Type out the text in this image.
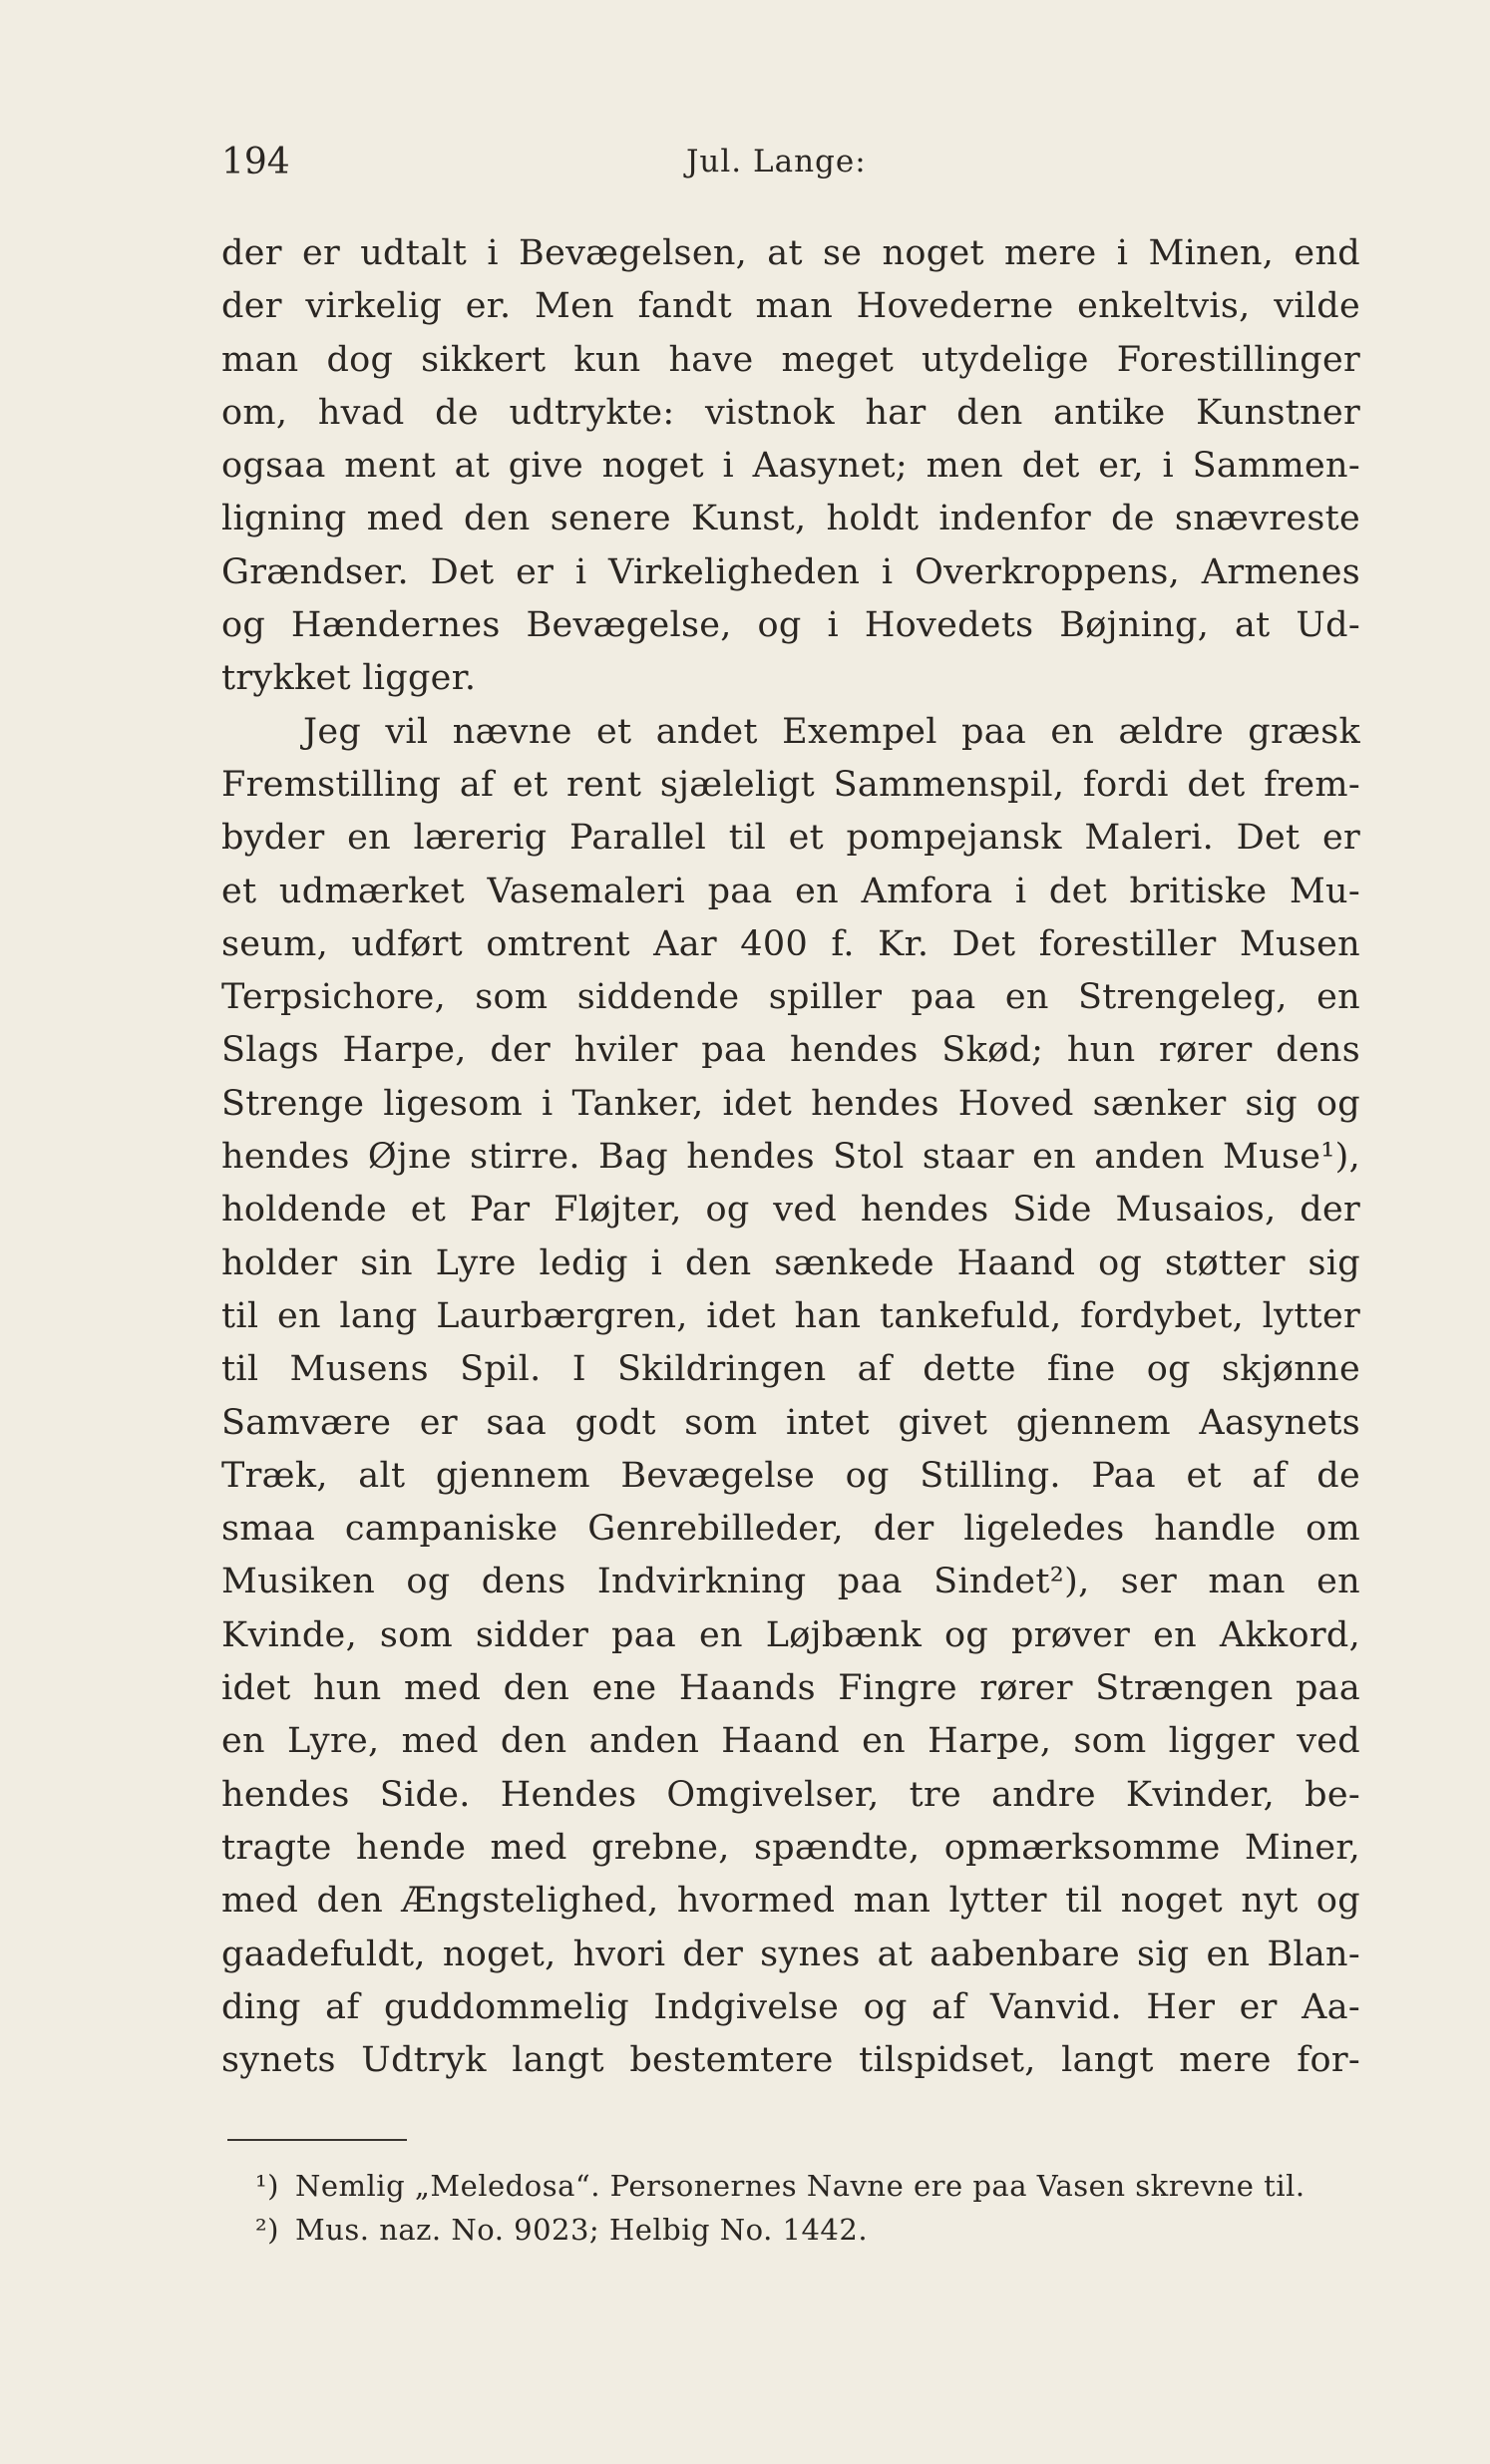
194	Jul. Lange:
der er udtalt i Bevægelsen, at se noget mere i Minen, end
der virkelig er. Men fandt man Hovederne enkeltvis, vilde
man dog sikkert kun have meget utydelige Forestillinger
om, hvad de udtrykte: vistnok har den antike Kunstner
ogsaa ment at give noget i Aasynet; men det er, i Sammen-
ligning med den senere Kunst, holdt indenfor de snævreste
Grændser. Det er i Virkeligheden i Overkroppens, Armenes
og Hændernes Bevægelse, og i Hovedets Bøjning, at Ud-
trykket ligger.
Jeg vil nævne et andet Exempel paa en ældre græsk
Fremstilling af et rent sjæleligt Sammenspil, fordi det frem-
byder en lærerig Parallel til et pompejansk Maleri. Det er
et udmærket Vasemaleri paa en Amfora i det britiske Mu-
seum, udført omtrent Aar 400 f. Kr. Det forestiller Musen
Terpsichore, som siddende spiller paa en Strengeleg, en
Slags Harpe, der hviler paa hendes Skød; hun rører dens
Strenge ligesom i Tanker, idet hendes Hoved sænker sig og
hendes Øjne stirre. Bag hendes Stol staar en anden Muse¹),
holdende et Par Fløjter, og ved hendes Side Musaios, der
holder sin Lyre ledig i den sænkede Haand og støtter sig
til en lang Laurbærgren, idet han tankefuld, fordybet, lytter
til Musens Spil. I Skildringen af dette fine og skjønne
Samvære er saa godt som intet givet gjennem Aasynets
Træk, alt gjennem Bevægelse og Stilling. Paa et af de
smaa campaniske Genrebilleder, der ligeledes handle om
Musiken og dens Indvirkning paa Sindet²), ser man en
Kvinde, som sidder paa en Løjbænk og prøver en Akkord,
idet hun med den ene Haands Fingre rører Strængen paa
en Lyre, med den anden Haand en Harpe, som ligger ved
hendes Side. Hendes Omgivelser, tre andre Kvinder, be-
tragte hende med grebne, spændte, opmærksomme Miner,
med den Ængstelighed, hvormed man lytter til noget nyt og
gaadefuldt, noget, hvori der synes at aabenbare sig en Blan-
ding af guddommelig Indgivelse og af Vanvid. Her er Aa-
synets Udtryk langt bestemtere tilspidset, langt mere for-
¹) Nemlig „Meledosa“. Personernes Navne ere paa Vasen skrevne til.
²) Mus. naz. No. 9023; Helbig No. 1442.
